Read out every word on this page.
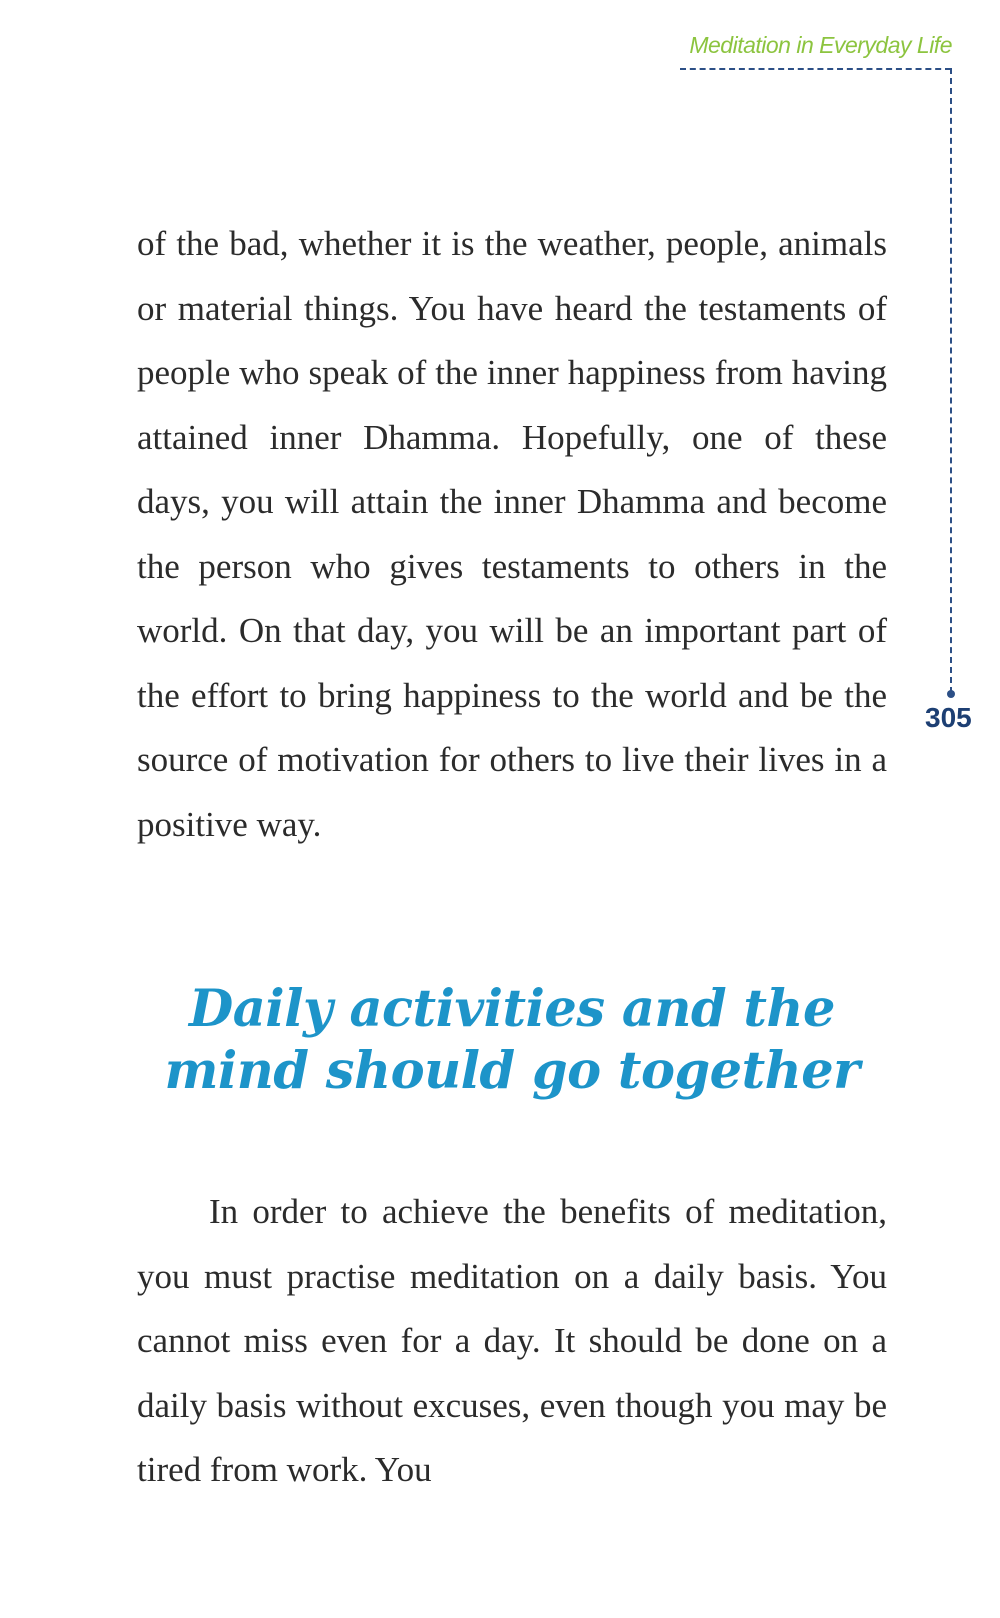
Meditation in Everyday Life
305

of the bad, whether it is the weather, people, animals or material things. You have heard the testaments of people who speak of the inner happiness from having attained inner Dhamma. Hopefully, one of these days, you will attain the inner Dhamma and become the person who gives testaments to others in the world. On that day, you will be an important part of the effort to bring happiness to the world and be the source of motivation for others to live their lives in a positive way.

Daily activities and the mind should go together

In order to achieve the benefits of meditation, you must practise meditation on a daily basis. You cannot miss even for a day. It should be done on a daily basis without excuses, even though you may be tired from work. You
